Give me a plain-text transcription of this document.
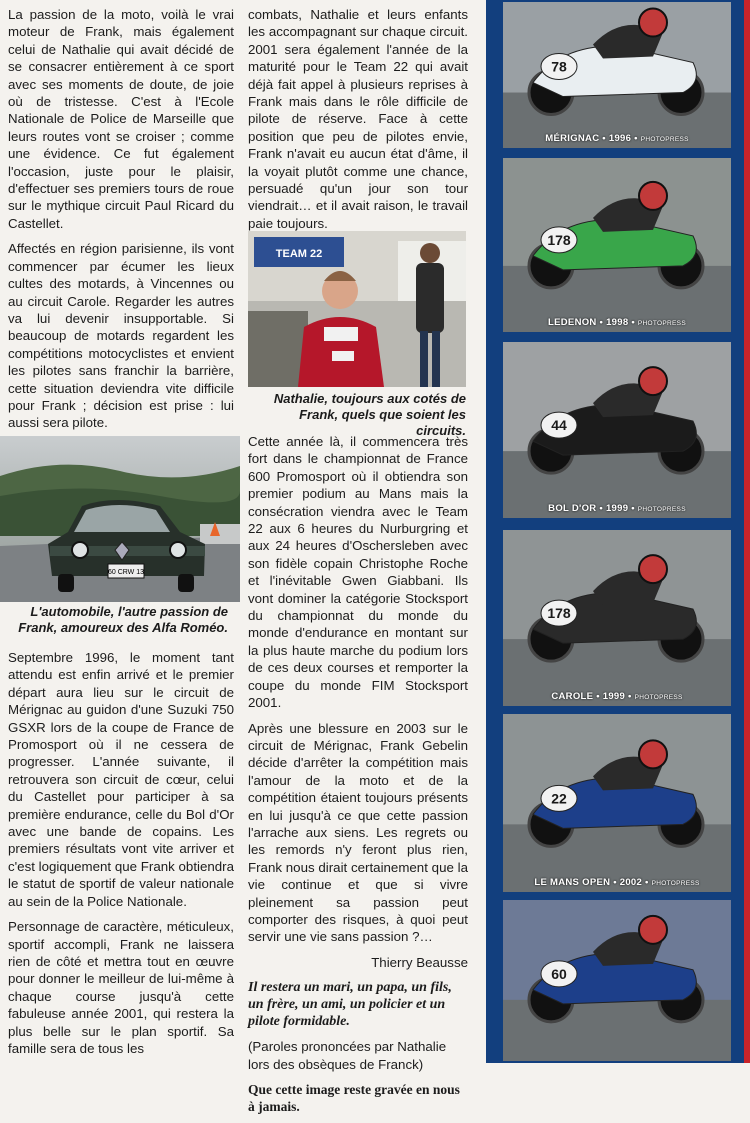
La passion de la moto, voilà le vrai moteur de Frank, mais également celui de Nathalie qui avait décidé de se consacrer entièrement à ce sport avec ses moments de doute, de joie où de tristesse. C'est à l'Ecole Nationale de Police de Marseille que leurs routes vont se croiser ; comme une évidence. Ce fut également l'occasion, juste pour le plaisir, d'effectuer ses premiers tours de roue sur le mythique circuit Paul Ricard du Castellet.

Affectés en région parisienne, ils vont commencer par écumer les lieux cultes des motards, à Vincennes ou au circuit Carole. Regarder les autres va lui devenir insupportable. Si beaucoup de motards regardent les compétitions motocyclistes et envient les pilotes sans franchir la barrière, cette situation deviendra vite difficile pour Frank ; décision est prise : lui aussi sera pilote.

60 CRW 13
L'automobile, l'autre passion de Frank, amoureux des Alfa Roméo.

Septembre 1996, le moment tant attendu est enfin arrivé et le premier départ aura lieu sur le circuit de Mérignac au guidon d'une Suzuki 750 GSXR lors de la coupe de France de Promosport où il ne cessera de progresser. L'année suivante, il retrouvera son circuit de cœur, celui du Castellet pour participer à sa première endurance, celle du Bol d'Or avec une bande de copains. Les premiers résultats vont vite arriver et c'est logiquement que Frank obtiendra le statut de sportif de valeur nationale au sein de la Police Nationale.

Personnage de caractère, méticuleux, sportif accompli, Frank ne laissera rien de côté et mettra tout en œuvre pour donner le meilleur de lui-même à chaque course jusqu'à cette fabuleuse année 2001, qui restera la plus belle sur le plan sportif. Sa famille sera de tous les

combats, Nathalie et leurs enfants les accompagnant sur chaque circuit. 2001 sera également l'année de la maturité pour le Team 22 qui avait déjà fait appel à plusieurs reprises à Frank mais dans le rôle difficile de pilote de réserve. Face à cette position que peu de pilotes envie, Frank n'avait eu aucun état d'âme, il la voyait plutôt comme une chance, persuadé qu'un jour son tour viendrait… et il avait raison, le travail paie toujours.

TEAM 22
Nathalie, toujours aux cotés de Frank, quels que soient les circuits.

Cette année là, il commencera très fort dans le championnat de France 600 Promosport où il obtiendra son premier podium au Mans mais la consécration viendra avec le Team 22 aux 6 heures du Nurburgring et aux 24 heures d'Oschersleben avec son fidèle copain Christophe Roche et l'inévitable Gwen Giabbani. Ils vont dominer la catégorie Stocksport du championnat du monde du monde d'endurance en montant sur la plus haute marche du podium lors de ces deux courses et remporter la coupe du monde FIM Stocksport 2001.

Après une blessure en 2003 sur le circuit de Mérignac, Frank Gebelin décide d'arrêter la compétition mais l'amour de la moto et de la compétition étaient toujours présents en lui jusqu'à ce que cette passion l'arrache aux siens. Les regrets ou les remords n'y feront plus rien, Frank nous dirait certainement que la vie continue et que si vivre pleinement sa passion peut comporter des risques, à quoi peut servir une vie sans passion ?…

Thierry Beausse

Il restera un mari, un papa, un fils, un frère, un ami, un policier et un pilote formidable.

(Paroles prononcées par Nathalie lors des obsèques de Franck)

Que cette image reste gravée en nous à jamais.

78
MÉRIGNAC • 1996 • PHOTOPRESS
178
LEDENON • 1998 • PHOTOPRESS
44
BOL D'OR • 1999 • PHOTOPRESS
178
CAROLE • 1999 • PHOTOPRESS
22
LE MANS OPEN • 2002 • PHOTOPRESS
60
